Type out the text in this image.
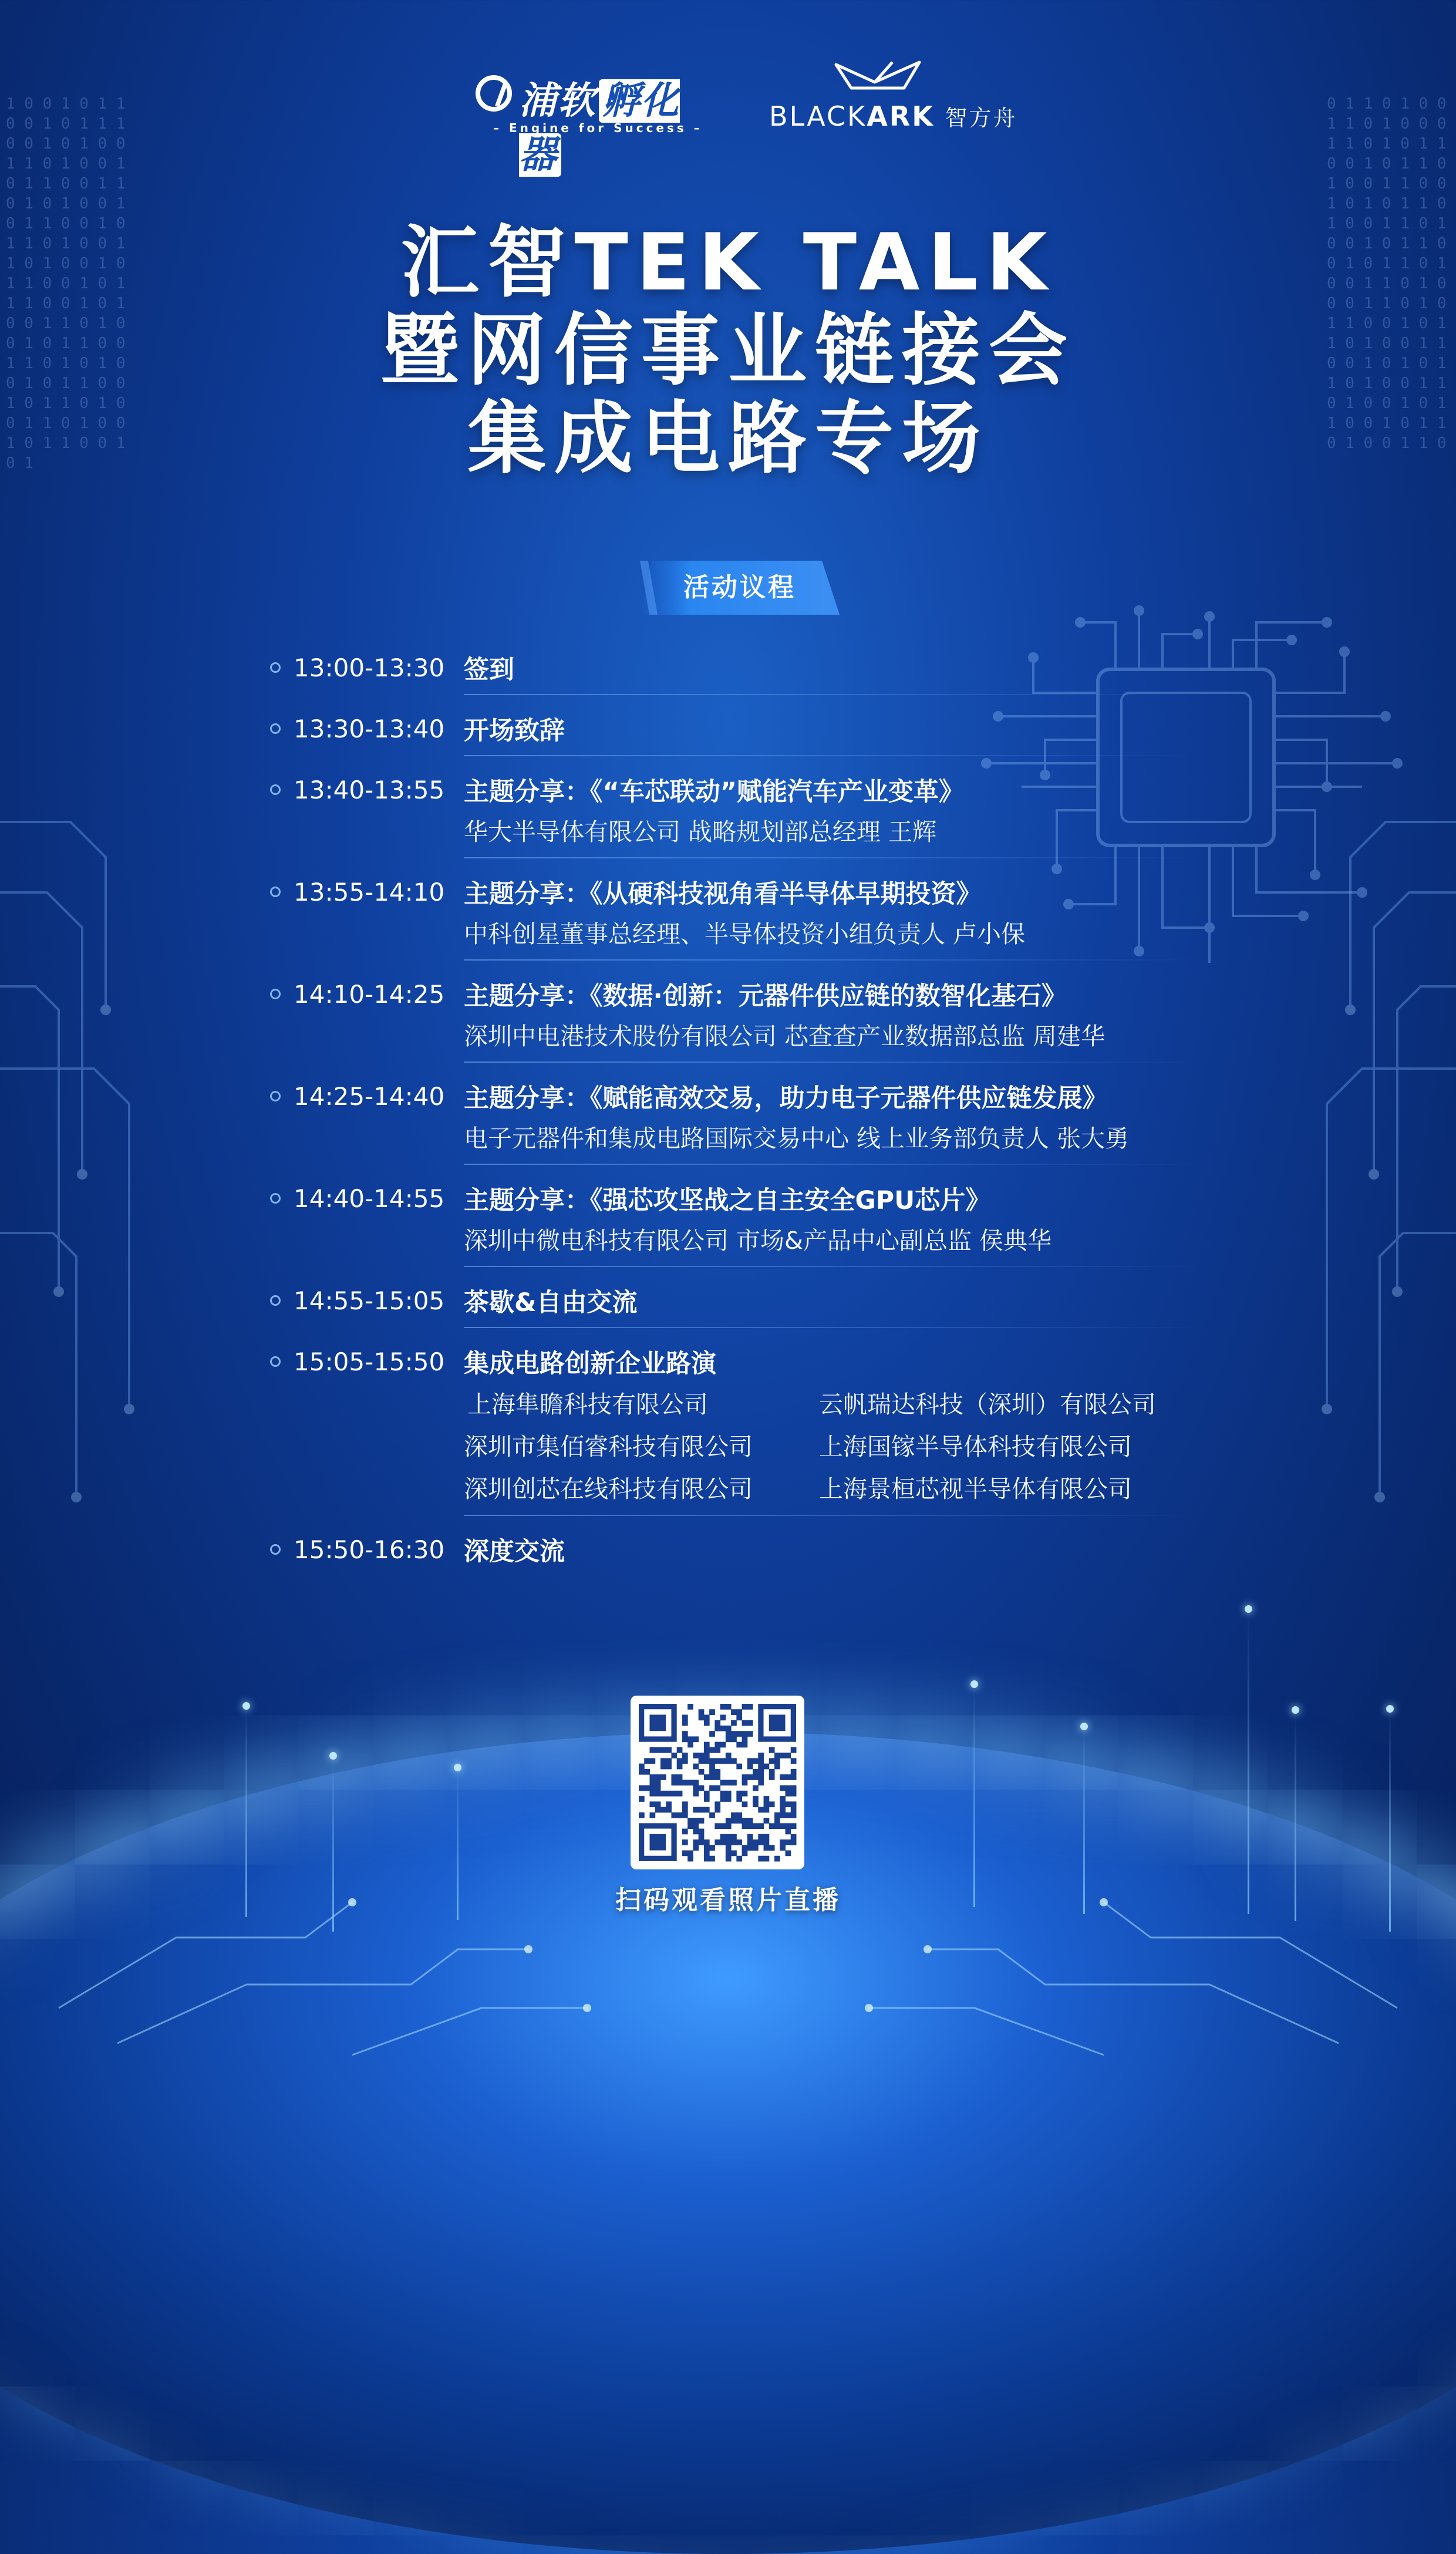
1 0 0 1 0 1 1 0 0 1 0 1 1 1 0 0 1 0 1 0 0 1 1 0 1 0 0 1 0 1 1 0 0 1 1 0 1 0 1 0 0 1 0 1 1 0 0 1 0 1 1 0 1 0 0 1 1 0 1 0 0 1 0 1 1 0 0 1 0 1 1 1 0 0 1 0 1 0 0 1 1 0 1 0 0 1 0 1 1 0 0 1 1 0 1 0 1 0 0 1 0 1 1 0 0 1 0 1 1 0 1 0 0 1 1 0 1 0 0 1 0 1 1 0 0 1 0 1
0 1 1 0 1 0 0 1 1 0 1 0 0 0 1 1 0 1 0 1 1 0 0 1 0 1 1 0 1 0 0 1 1 0 0 1 0 1 0 1 1 0 1 0 0 1 1 0 1 0 0 1 0 1 1 0 0 1 0 1 1 0 1 0 0 1 1 0 1 0 0 0 1 1 0 1 0 1 1 0 0 1 0 1 1 0 1 0 0 1 1 0 0 1 0 1 0 1 1 0 1 0 0 1 1 0 1 0 0 1 0 1 1 0 0 1 0 1 1 0 1 0 0 1 1 0
浦软 孵化器
– Engine for Success – BLACKARK 智方舟
汇智TEK TALK
暨网信事业链接会
集成电路专场
活动议程
13:00-13:30 签到
13:30-13:40 开场致辞
13:40-13:55 主题分享：《“车芯联动”赋能汽车产业变革》
华大半导体有限公司 战略规划部总经理 王辉
13:55-14:10 主题分享：《从硬科技视角看半导体早期投资》
中科创星董事总经理、半导体投资小组负责人 卢小保
14:10-14:25 主题分享：《数据·创新：元器件供应链的数智化基石》
深圳中电港技术股份有限公司 芯查查产业数据部总监 周建华
14:25-14:40 主题分享：《赋能高效交易，助力电子元器件供应链发展》
电子元器件和集成电路国际交易中心 线上业务部负责人 张大勇
14:40-14:55 主题分享：《强芯攻坚战之自主安全GPU芯片》
深圳中微电科技有限公司 市场&产品中心副总监 侯典华
14:55-15:05 茶歇&自由交流
15:05-15:50 集成电路创新企业路演
上海隼瞻科技有限公司	云帆瑞达科技（深圳）有限公司
深圳市集佰睿科技有限公司	上海国镓半导体科技有限公司
深圳创芯在线科技有限公司	上海景桓芯视半导体有限公司
15:50-16:30 深度交流
扫码观看照片直播
